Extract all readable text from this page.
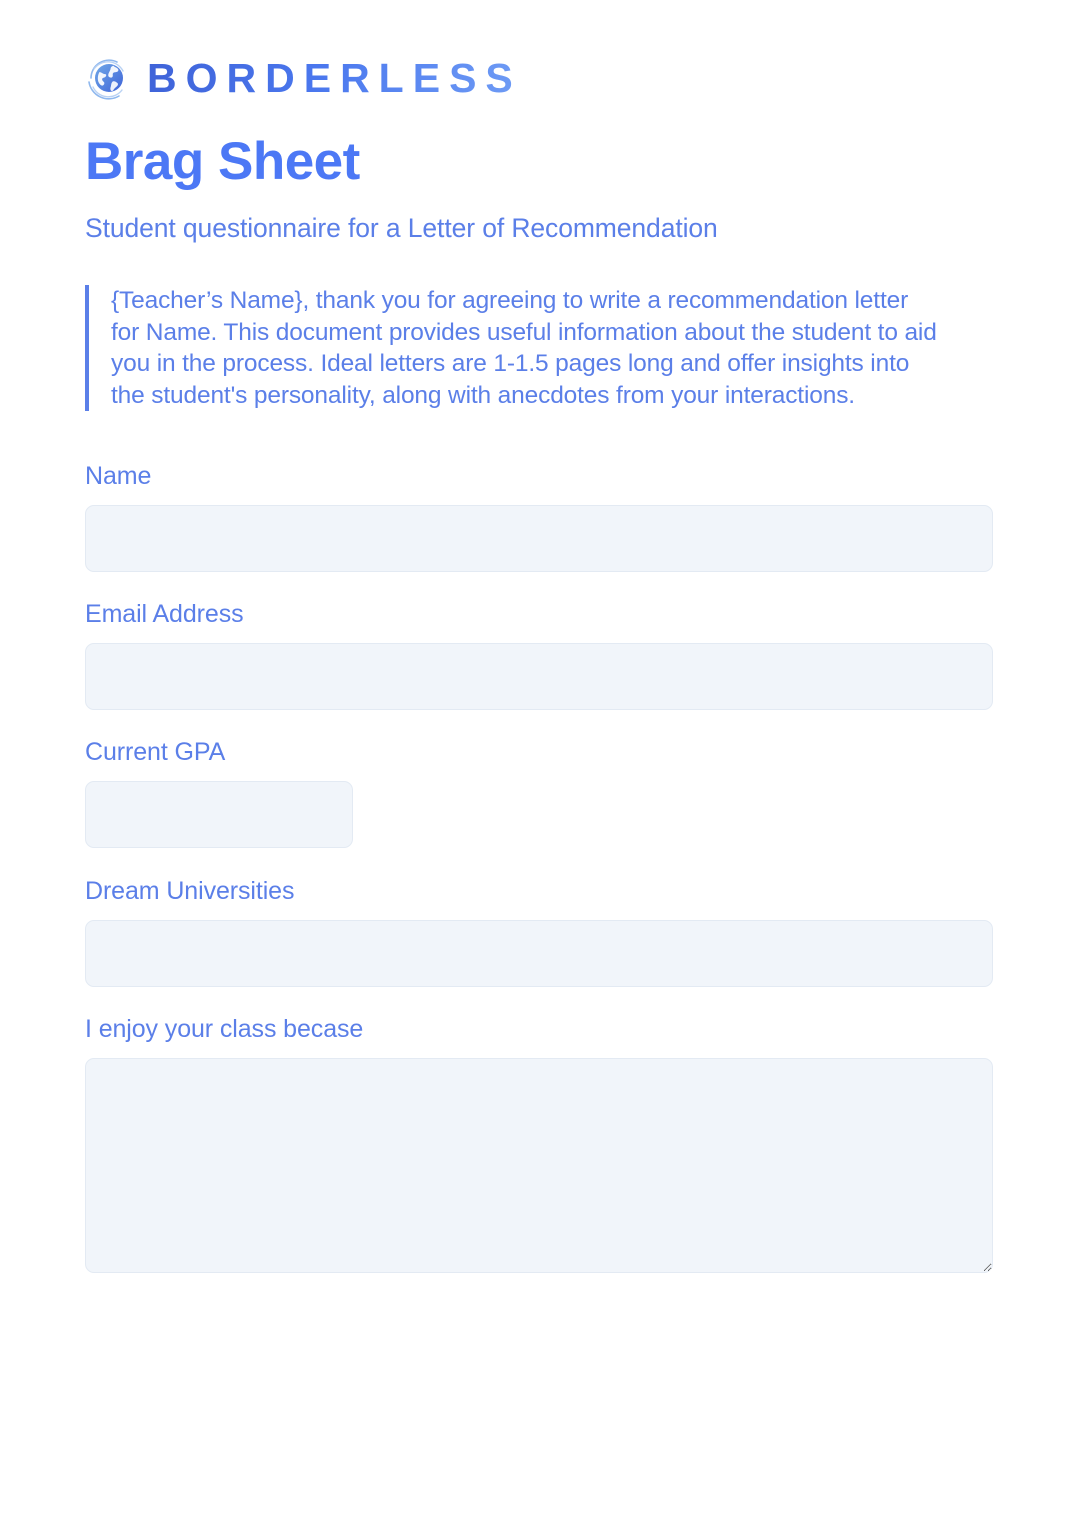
BORDERLESS
Brag Sheet

Student questionnaire for a Letter of Recommendation

{Teacher’s Name}, thank you for agreeing to write a recommendation letter for Name. This document provides useful information about the student to aid you in the process. Ideal letters are 1-1.5 pages long and offer insights into the student's personality, along with anecdotes from your interactions.

Name
Email Address
Current GPA
Dream Universities
I enjoy your class becase
